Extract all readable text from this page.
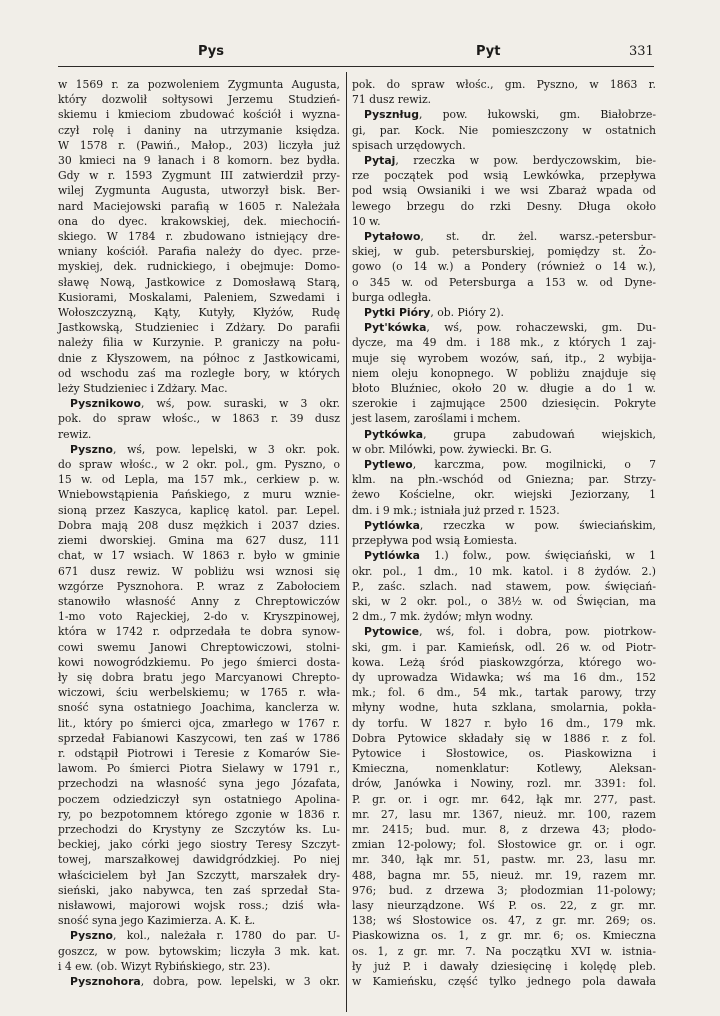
Pys	Pyt	331
w 1569 r. za pozwoleniem Zygmunta Augusta,
który dozwolił sołtysowi Jerzemu Studzień-
skiemu i kmieciom zbudować kościół i wyzna-
czył rolę i daniny na utrzymanie księdza.
W 1578 r. (Pawiń., Małop., 203) liczyła już
30 kmieci na 9 łanach i 8 komorn. bez bydła.
Gdy w r. 1593 Zygmunt III zatwierdził przy-
wilej Zygmunta Augusta, utworzył bisk. Ber-
nard Maciejowski parafią w 1605 r. Należała
ona do dyec. krakowskiej, dek. miechociń-
skiego. W 1784 r. zbudowano istniejący dre-
wniany kościół. Parafia należy do dyec. prze-
myskiej, dek. rudnickiego, i obejmuje: Domo-
sławę Nową, Jastkowice z Domosławą Starą,
Kusiorami, Moskalami, Paleniem, Szwedami i
Wołoszczyzną, Kąty, Kutyły, Kłyżów, Rudę
Jastkowską, Studzieniec i Zdżary. Do parafii
należy filia w Kurzynie. P. graniczy na połu-
dnie z Kłyszowem, na północ z Jastkowicami,
od wschodu zaś ma rozległe bory, w których
leży Studzieniec i Zdżary. Mac.
Pysznikowo, wś, pow. suraski, w 3 okr.
pok. do spraw włośc., w 1863 r. 39 dusz
rewiz.
Pyszno, wś, pow. lepelski, w 3 okr. pok.
do spraw włośc., w 2 okr. pol., gm. Pyszno, o
15 w. od Lepla, ma 157 mk., cerkiew p. w.
Wniebowstąpienia Pańskiego, z muru wznie-
sioną przez Kaszyca, kaplicę katol. par. Lepel.
Dobra mają 208 dusz mężkich i 2037 dzies.
ziemi dworskiej. Gmina ma 627 dusz, 111
chat, w 17 wsiach. W 1863 r. było w gminie
671 dusz rewiz. W pobliżu wsi wznosi się
wzgórze Pysznohora. P. wraz z Zabołociem
stanowiło własność Anny z Chreptowiczów
1-mo voto Rajeckiej, 2-do v. Kryszpinowej,
która w 1742 r. odprzedała te dobra synow-
cowi swemu Janowi Chreptowiczowi, stolni-
kowi nowogródzkiemu. Po jego śmierci dosta-
ły się dobra bratu jego Marcyanowi Chrepto-
wiczowi, ściu werbelskiemu; w 1765 r. wła-
sność syna ostatniego Joachima, kanclerza w.
lit., który po śmierci ojca, zmarłego w 1767 r.
sprzedał Fabianowi Kaszycowi, ten zaś w 1786
r. odstąpił Piotrowi i Teresie z Komarów Sie-
lawom. Po śmierci Piotra Sielawy w 1791 r.,
przechodzi na własność syna jego Józafata,
poczem odziedziczył syn ostatniego Apolina-
ry, po bezpotomnem którego zgonie w 1836 r.
przechodzi do Krystyny ze Szczytów ks. Lu-
beckiej, jako córki jego siostry Teresy Szczyt-
towej, marszałkowej dawidgródzkiej. Po niej
właścicielem był Jan Szczytt, marszałek dry-
sieński, jako nabywca, ten zaś sprzedał Sta-
nisławowi, majorowi wojsk ross.; dziś wła-
sność syna jego Kazimierza. A. K. Ł.
Pyszno, kol., należała r. 1780 do par. U-
goszcz, w pow. bytowskim; liczyła 3 mk. kat.
i 4 ew. (ob. Wizyt Rybińskiego, str. 23).
Pysznohora, dobra, pow. lepelski, w 3 okr.
pok. do spraw włośc., gm. Pyszno, w 1863 r.
71 dusz rewiz.
Pysznług, pow. łukowski, gm. Białobrze-
gi, par. Kock. Nie pomieszczony w ostatnich
spisach urzędowych.
Pytaj, rzeczka w pow. berdyczowskim, bie-
rze początek pod wsią Lewkówka, przepływa
pod wsią Owsianiki i we wsi Zbaraż wpada od
lewego brzegu do rzki Desny. Długa około
10 w.
Pytałowo, st. dr. żel. warsz.-petersbur-
skiej, w gub. petersburskiej, pomiędzy st. Żo-
gowo (o 14 w.) a Pondery (również o 14 w.),
o 345 w. od Petersburga a 153 w. od Dyne-
burga odległa.
Pytki Pióry, ob. Pióry 2).
Pyt'kówka, wś, pow. rohaczewski, gm. Du-
dycze, ma 49 dm. i 188 mk., z których 1 zaj-
muje się wyrobem wozów, sań, itp., 2 wybija-
niem oleju konopnego. W pobliżu znajduje się
błoto Bluźniec, około 20 w. długie a do 1 w.
szerokie i zajmujące 2500 dziesięcin. Pokryte
jest lasem, zaroślami i mchem.
Pytkówka, grupa zabudowań wiejskich,
w obr. Milówki, pow. żywiecki. Br. G.
Pytlewo, karczma, pow. mogilnicki, o 7
klm. na płn.-wschód od Gniezna; par. Strzy-
żewo Kościelne, okr. wiejski Jeziorzany, 1
dm. i 9 mk.; istniała już przed r. 1523.
Pytlówka, rzeczka w pow. świeciańskim,
przepływa pod wsią Łomiesta.
Pytlówka 1.) folw., pow. święciański, w 1
okr. pol., 1 dm., 10 mk. katol. i 8 żydów. 2.)
P., zaśc. szlach. nad stawem, pow. święciań-
ski, w 2 okr. pol., o 38½ w. od Święcian, ma
2 dm., 7 mk. żydów; młyn wodny.
Pytowice, wś, fol. i dobra, pow. piotrkow-
ski, gm. i par. Kamieńsk, odl. 26 w. od Piotr-
kowa. Leżą śród piaskowzgórza, którego wo-
dy uprowadza Widawka; wś ma 16 dm., 152
mk.; fol. 6 dm., 54 mk., tartak parowy, trzy
młyny wodne, huta szklana, smolarnia, pokła-
dy torfu. W 1827 r. było 16 dm., 179 mk.
Dobra Pytowice składały się w 1886 r. z fol.
Pytowice i Słostowice, os. Piaskowizna i
Kmieczna, nomenklatur: Kotlewy, Aleksan-
drów, Janówka i Nowiny, rozl. mr. 3391: fol.
P. gr. or. i ogr. mr. 642, łąk mr. 277, past.
mr. 27, lasu mr. 1367, nieuż. mr. 100, razem
mr. 2415; bud. mur. 8, z drzewa 43; płodo-
zmian 12-polowy; fol. Słostowice gr. or. i ogr.
mr. 340, łąk mr. 51, pastw. mr. 23, lasu mr.
488, bagna mr. 55, nieuż. mr. 19, razem mr.
976; bud. z drzewa 3; płodozmian 11-polowy;
lasy nieurządzone. Wś P. os. 22, z gr. mr.
138; wś Słostowice os. 47, z gr. mr. 269; os.
Piaskowizna os. 1, z gr. mr. 6; os. Kmieczna
os. 1, z gr. mr. 7. Na początku XVI w. istnia-
ły już P. i dawały dziesięcinę i kolędę pleb.
w Kamieńsku, część tylko jednego pola dawała
